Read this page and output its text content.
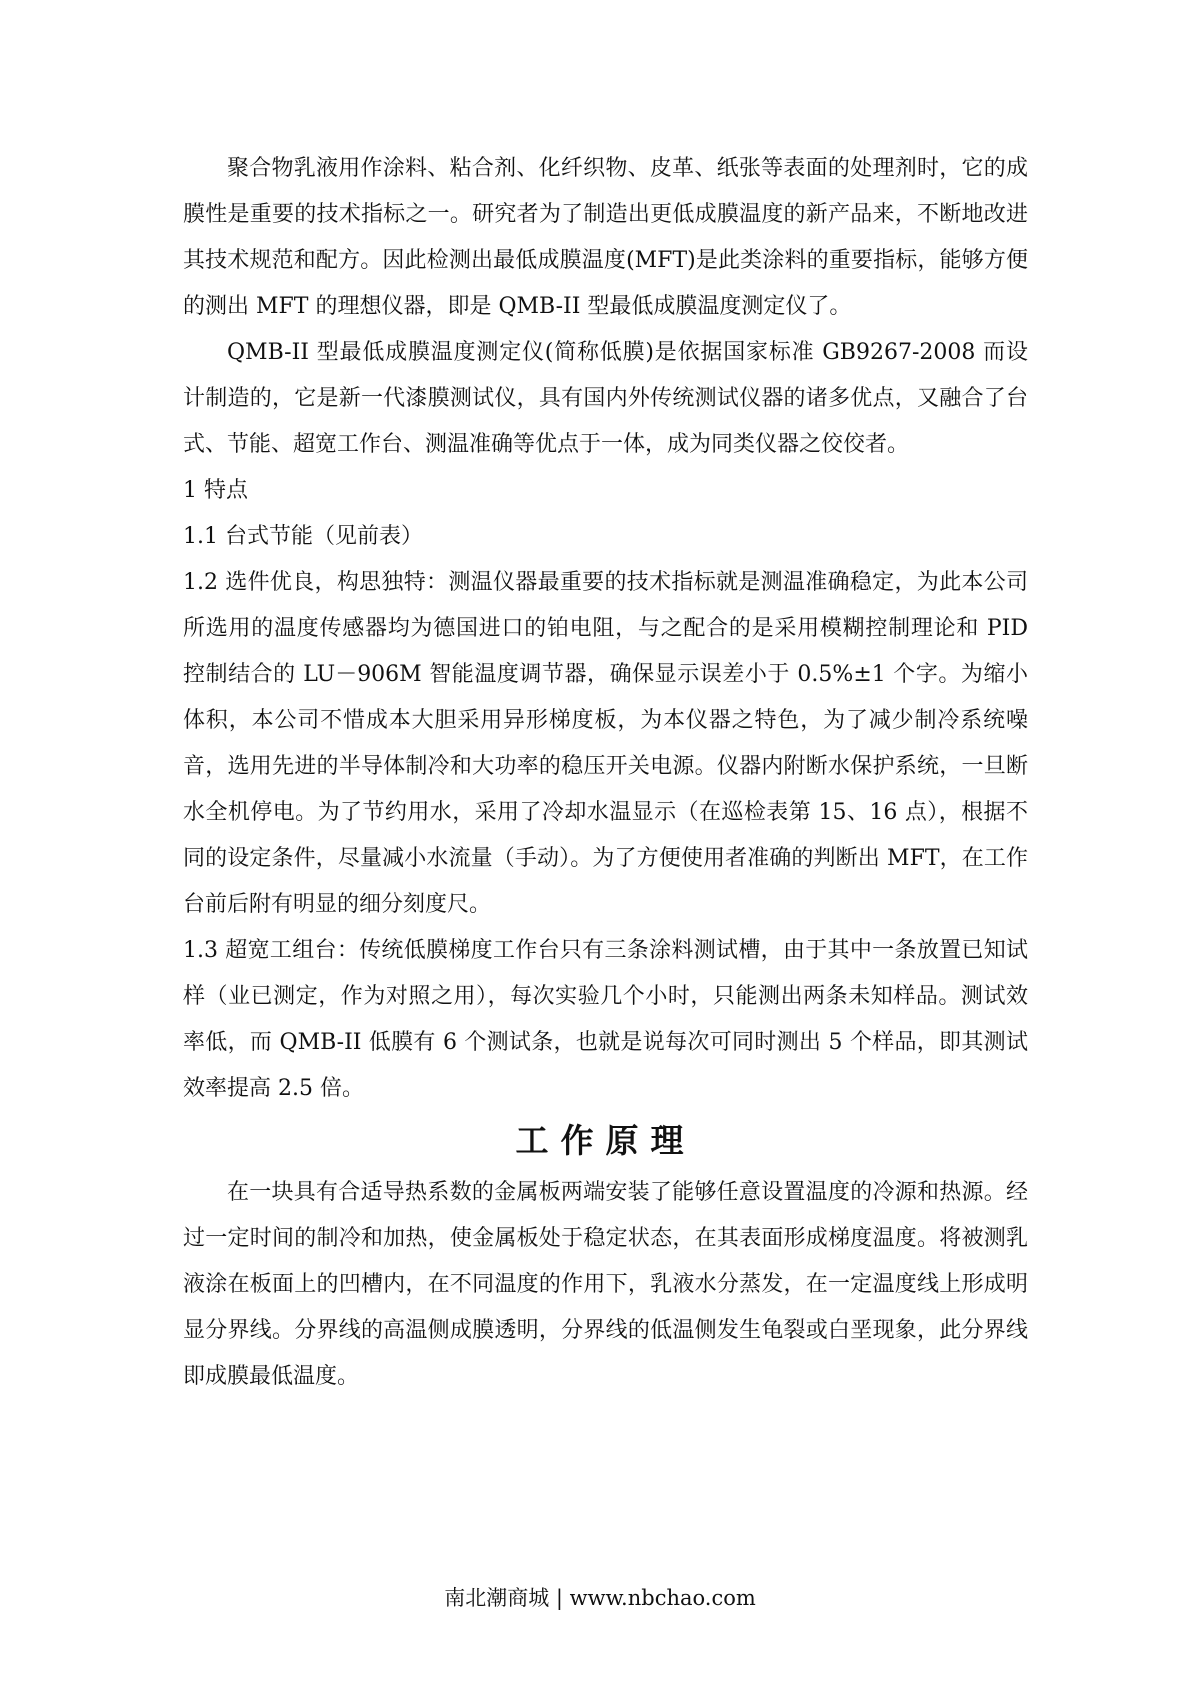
聚合物乳液用作涂料、粘合剂、化纤织物、皮革、纸张等表面的处理剂时，它的成膜性是重要的技术指标之一。研究者为了制造出更低成膜温度的新产品来，不断地改进其技术规范和配方。因此检测出最低成膜温度(MFT)是此类涂料的重要指标，能够方便的测出 MFT 的理想仪器，即是 QMB-II 型最低成膜温度测定仪了。

QMB-II 型最低成膜温度测定仪(简称低膜)是依据国家标准 GB9267-2008 而设计制造的，它是新一代漆膜测试仪，具有国内外传统测试仪器的诸多优点，又融合了台式、节能、超宽工作台、测温准确等优点于一体，成为同类仪器之佼佼者。

1 特点

1.1 台式节能（见前表）

1.2 选件优良，构思独特：测温仪器最重要的技术指标就是测温准确稳定，为此本公司所选用的温度传感器均为德国进口的铂电阻，与之配合的是采用模糊控制理论和 PID 控制结合的 LU－906M 智能温度调节器，确保显示误差小于 0.5%±1 个字。为缩小体积，本公司不惜成本大胆采用异形梯度板，为本仪器之特色，为了减少制冷系统噪音，选用先进的半导体制冷和大功率的稳压开关电源。仪器内附断水保护系统，一旦断水全机停电。为了节约用水，采用了冷却水温显示（在巡检表第 15、16 点），根据不同的设定条件，尽量减小水流量（手动）。为了方便使用者准确的判断出 MFT，在工作台前后附有明显的细分刻度尺。

1.3 超宽工组台：传统低膜梯度工作台只有三条涂料测试槽，由于其中一条放置已知试样（业已测定，作为对照之用），每次实验几个小时，只能测出两条未知样品。测试效率低，而 QMB-II 低膜有 6 个测试条，也就是说每次可同时测出 5 个样品，即其测试效率提高 2.5 倍。

工作原理

在一块具有合适导热系数的金属板两端安装了能够任意设置温度的冷源和热源。经过一定时间的制冷和加热，使金属板处于稳定状态，在其表面形成梯度温度。将被测乳液涂在板面上的凹槽内，在不同温度的作用下，乳液水分蒸发，在一定温度线上形成明显分界线。分界线的高温侧成膜透明，分界线的低温侧发生龟裂或白垩现象，此分界线即成膜最低温度。

南北潮商城 | www.nbchao.com
